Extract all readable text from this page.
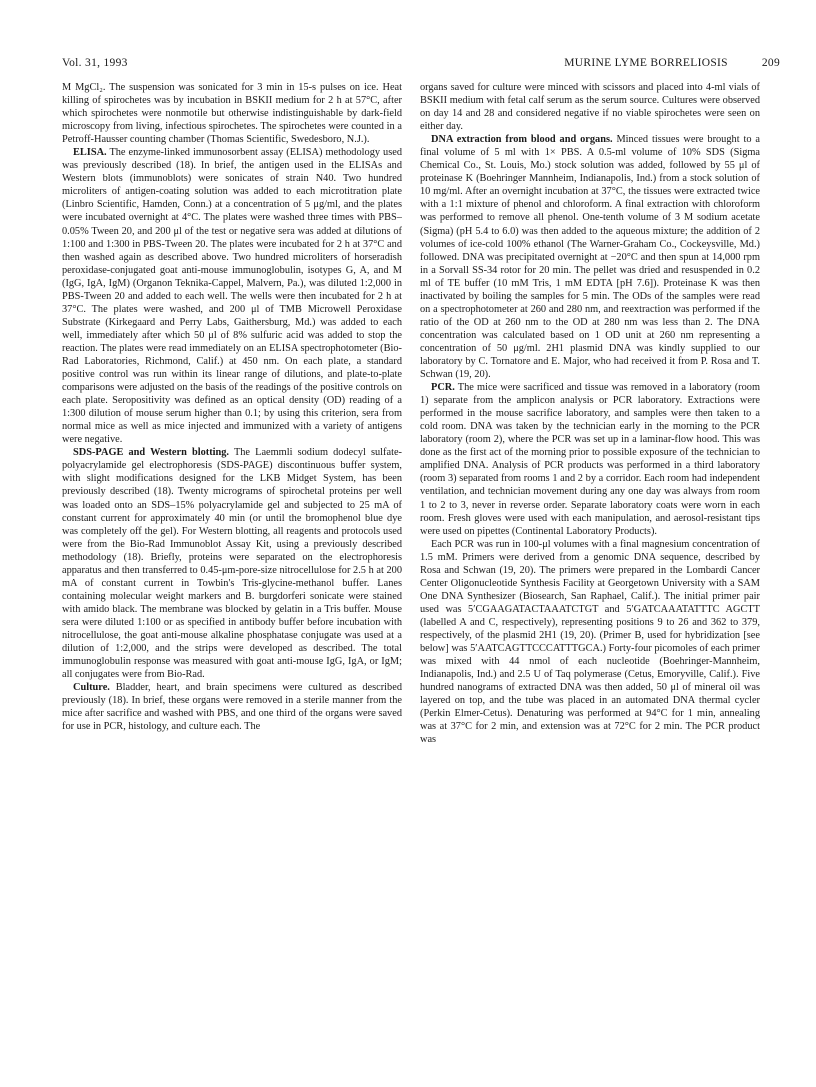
Vol. 31, 1993	MURINE LYME BORRELIOSIS	209

M MgCl₂. The suspension was sonicated for 3 min in 15-s pulses on ice. Heat killing of spirochetes was by incubation in BSKII medium for 2 h at 57°C, after which spirochetes were nonmotile but otherwise indistinguishable by dark-field microscopy from living, infectious spirochetes. The spirochetes were counted in a Petroff-Hausser counting chamber (Thomas Scientific, Swedesboro, N.J.).

ELISA. The enzyme-linked immunosorbent assay (ELISA) methodology used was previously described (18). In brief, the antigen used in the ELISAs and Western blots (immunoblots) were sonicates of strain N40. Two hundred microliters of antigen-coating solution was added to each microtitration plate (Linbro Scientific, Hamden, Conn.) at a concentration of 5 μg/ml, and the plates were incubated overnight at 4°C. The plates were washed three times with PBS–0.05% Tween 20, and 200 μl of the test or negative sera was added at dilutions of 1:100 and 1:300 in PBS-Tween 20. The plates were incubated for 2 h at 37°C and then washed again as described above. Two hundred microliters of horseradish peroxidase-conjugated goat anti-mouse immunoglobulin, isotypes G, A, and M (IgG, IgA, IgM) (Organon Teknika-Cappel, Malvern, Pa.), was diluted 1:2,000 in PBS-Tween 20 and added to each well. The wells were then incubated for 2 h at 37°C. The plates were washed, and 200 μl of TMB Microwell Peroxidase Substrate (Kirkegaard and Perry Labs, Gaithersburg, Md.) was added to each well, immediately after which 50 μl of 8% sulfuric acid was added to stop the reaction. The plates were read immediately on an ELISA spectrophotometer (Bio-Rad Laboratories, Richmond, Calif.) at 450 nm. On each plate, a standard positive control was run within its linear range of dilutions, and plate-to-plate comparisons were adjusted on the basis of the readings of the positive controls on each plate. Seropositivity was defined as an optical density (OD) reading of a 1:300 dilution of mouse serum higher than 0.1; by using this criterion, sera from normal mice as well as mice injected and immunized with a variety of antigens were negative.

SDS-PAGE and Western blotting. The Laemmli sodium dodecyl sulfate-polyacrylamide gel electrophoresis (SDS-PAGE) discontinuous buffer system, with slight modifications designed for the LKB Midget System, has been previously described (18). Twenty micrograms of spirochetal proteins per well was loaded onto an SDS–15% polyacrylamide gel and subjected to 25 mA of constant current for approximately 40 min (or until the bromophenol blue dye was completely off the gel). For Western blotting, all reagents and protocols used were from the Bio-Rad Immunoblot Assay Kit, using a previously described methodology (18). Briefly, proteins were separated on the electrophoresis apparatus and then transferred to 0.45-μm-pore-size nitrocellulose for 2.5 h at 200 mA of constant current in Towbin's Tris-glycine-methanol buffer. Lanes containing molecular weight markers and B. burgdorferi sonicate were stained with amido black. The membrane was blocked by gelatin in a Tris buffer. Mouse sera were diluted 1:100 or as specified in antibody buffer before incubation with nitrocellulose, the goat anti-mouse alkaline phosphatase conjugate was used at a dilution of 1:2,000, and the strips were developed as described. The total immunoglobulin response was measured with goat anti-mouse IgG, IgA, or IgM; all conjugates were from Bio-Rad.

Culture. Bladder, heart, and brain specimens were cultured as described previously (18). In brief, these organs were removed in a sterile manner from the mice after sacrifice and washed with PBS, and one third of the organs were saved for use in PCR, histology, and culture each. The

organs saved for culture were minced with scissors and placed into 4-ml vials of BSKII medium with fetal calf serum as the serum source. Cultures were observed on day 14 and 28 and considered negative if no viable spirochetes were seen on either day.

DNA extraction from blood and organs. Minced tissues were brought to a final volume of 5 ml with 1× PBS. A 0.5-ml volume of 10% SDS (Sigma Chemical Co., St. Louis, Mo.) stock solution was added, followed by 55 μl of proteinase K (Boehringer Mannheim, Indianapolis, Ind.) from a stock solution of 10 mg/ml. After an overnight incubation at 37°C, the tissues were extracted twice with a 1:1 mixture of phenol and chloroform. A final extraction with chloroform was performed to remove all phenol. One-tenth volume of 3 M sodium acetate (Sigma) (pH 5.4 to 6.0) was then added to the aqueous mixture; the addition of 2 volumes of ice-cold 100% ethanol (The Warner-Graham Co., Cockeysville, Md.) followed. DNA was precipitated overnight at −20°C and then spun at 14,000 rpm in a Sorvall SS-34 rotor for 20 min. The pellet was dried and resuspended in 0.2 ml of TE buffer (10 mM Tris, 1 mM EDTA [pH 7.6]). Proteinase K was then inactivated by boiling the samples for 5 min. The ODs of the samples were read on a spectrophotometer at 260 and 280 nm, and reextraction was performed if the ratio of the OD at 260 nm to the OD at 280 nm was less than 2. The DNA concentration was calculated based on 1 OD unit at 260 nm representing a concentration of 50 μg/ml. 2H1 plasmid DNA was kindly supplied to our laboratory by C. Tornatore and E. Major, who had received it from P. Rosa and T. Schwan (19, 20).

PCR. The mice were sacrificed and tissue was removed in a laboratory (room 1) separate from the amplicon analysis or PCR laboratory. Extractions were performed in the mouse sacrifice laboratory, and samples were then taken to a cold room. DNA was taken by the technician early in the morning to the PCR laboratory (room 2), where the PCR was set up in a laminar-flow hood. This was done as the first act of the morning prior to possible exposure of the technician to amplified DNA. Analysis of PCR products was performed in a third laboratory (room 3) separated from rooms 1 and 2 by a corridor. Each room had independent ventilation, and technician movement during any one day was always from room 1 to 2 to 3, never in reverse order. Separate laboratory coats were worn in each room. Fresh gloves were used with each manipulation, and aerosol-resistant tips were used on pipettes (Continental Laboratory Products).

Each PCR was run in 100-μl volumes with a final magnesium concentration of 1.5 mM. Primers were derived from a genomic DNA sequence, described by Rosa and Schwan (19, 20). The primers were prepared in the Lombardi Cancer Center Oligonucleotide Synthesis Facility at Georgetown University with a SAM One DNA Synthesizer (Biosearch, San Raphael, Calif.). The initial primer pair used was 5′CGAAGATACTAAATCTGT and 5′GATCAAATATTTC AGCTT (labelled A and C, respectively), representing positions 9 to 26 and 362 to 379, respectively, of the plasmid 2H1 (19, 20). (Primer B, used for hybridization [see below] was 5′AATCAGTTCCCATTTGCA.) Forty-four picomoles of each primer was mixed with 44 nmol of each nucleotide (Boehringer-Mannheim, Indianapolis, Ind.) and 2.5 U of Taq polymerase (Cetus, Emoryville, Calif.). Five hundred nanograms of extracted DNA was then added, 50 μl of mineral oil was layered on top, and the tube was placed in an automated DNA thermal cycler (Perkin Elmer-Cetus). Denaturing was performed at 94°C for 1 min, annealing was at 37°C for 2 min, and extension was at 72°C for 2 min. The PCR product was
